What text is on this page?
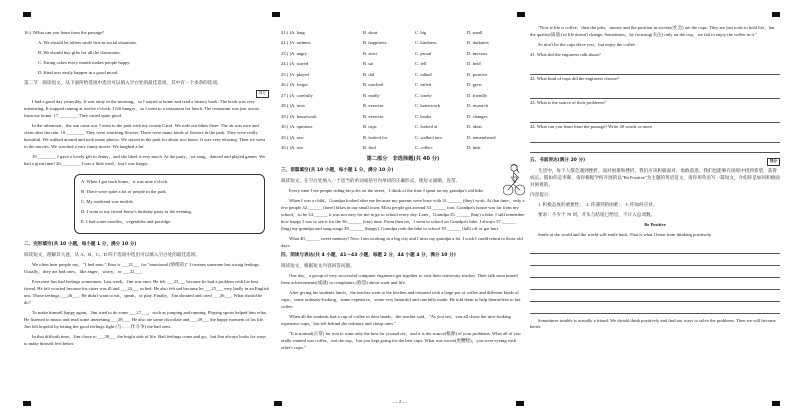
16.( )What can you learn from the passage?

A. We should let others smile first in social situations.

B. We should buy gifts for all the classmates.

C. Eating cakes every month makes people happy.

D. Kind acts easily happen in a good mood.

第二节　阅读短文，从下面所给选项中选出可以填入空白处的最佳选项，其中有一个多余的选项。

得分

I had a good day yesterday. It was rainy in the morning，so I stayed at home and read a history book. The book was very interesting. It stopped raining at twelve o'clock. I felt hungry，so I went to a restaurant for lunch. The restaurant was just across from my home. 17.________ They tasted quite good.

In the afternoon，the sun came out. I went to the park with my cousin Carol. We rode our bikes there. The air was nice and clean after the rain. 18.________ They were watching flowers. There were many kinds of flowers in the park. They were really beautiful. We walked around and took many photos. We stayed in the park for about two hours. It was very relaxing. Then we went to the movies. We watched a very funny movie. We laughed a lot.

19.________ I gave a lovely gift to Jenny，and she liked it very much. At the party，we sang，danced and played games. We had a great time! 20.________ I was a little tired，but I was happy.

A. When I got back home，it was nine o'clock.
B. There were quite a lot of people in the park.
C. My weekend was terrible.
D. I went to my friend Jenny's birthday party in the evening.
E. I had some noodles，vegetables and porridge.
二、完形填空(共 10 小题，每小题 1 分，满分 10 分)

阅读短文，理解其大意，从 A、B、C、D 四个选项中选出可以填入空白处的最佳选项。

We often hear people say，"I feel emo." Emo is ___21___ for "emotional (情绪的)". It means someone has strong feelings. Usually，they are bad ones，like anger，worry，or ___22___.

Everyone has bad feelings sometimes. Last week，Jim was emo. He felt ___23___ because he had a problem with his best friend. He felt worried because his sister was ill and ___24___ in bed. He also felt sad because he ___25___ very badly in an English test. Those feelings ___26___. He didn't want to eat，speak，or play. Finally，Jim shouted and cried ___26___. What should he do?

To make himself happy again，Jim tried to do some ___27___，such as jumping and running. Playing sports helped him relax. He listened to music and read some interesting ___28___. He also ate some chocolate and ___29___ the happy moment of his life. Jim felt hopeful by letting the good feelings fight (与……作斗争) the bad ones.

In that difficult time，Jim chose to ___30___ the bright side of life. Bad feelings come and go，but Jim always looks for ways to make himself feel better.

21.( )A. long	B. short	C. big	D. small
22.( )A. sadness	B. happiness	C. kindness	D. darkness
23.( )A. angry	B. strict	C. proud	D. nervous
24.( )A. stayed	B. sat	C. fell	D. held
25.( )A. played	B. did	C. talked	D. positive
26.( )A. forgot	B. touched	C. sailed	D. grew
27.( )A. carefully	B. madly	C. lonely	D. friendly
28.( )A. tests	B. exercise	C. homework	D. research
29.( )A. housework	B. exercise	C. books	D. changes
30.( )A. opinions	B. trips	C. looked at	D. ideas
29.( )A. saw	B. looked for	C. walked into	D. remembered
30.( )A. rise	B. find	C. collect	D. hide
第二部分　非选择题(共 40 分)
三、语篇填空(共 10 小题，每小题 1 分，满分 10 分)

阅读短文，在空白处填入一个适当的单词或括号内单词的正确形式，使短文通顺、连贯。

Every time I see people riding bicycles on the street，I think of the time I spent on my grandpa's old bike.

When I was a child，Grandpa looked after me because my parents were busy with 31.______ (they) work. At that time，only a few people 32.______ (have) bikes in our small town. Most people got around 33.______ foot. Grandpa's house was far from my school，so he 34.______ it was not easy for me to go to school every day. Later，Grandpa 35.______ (buy) a bike. I still remember how happy I was to see it for the 36.______ (one) time. From then on，I went to school on Grandpa's bike. I always 37.______ (hug) my grandpa and sang songs 38.______ (happy). Grandpa rode the bike to school 39.______ (fall) off or got hurt.

What 40.______ sweet memory! Now I am working in a big city and I miss my grandpa a lot. I wish I could return to those old days.

四、阅读与表达(共 4 小题，41～43 小题，每题 2 分，44 小题 4 分，满分 10 分)

阅读短文，根据短文内容回答问题。

One day，a group of very successful computer engineers got together to visit their university teacher. Their talk soon turned from achievements(成就) to complaints (抱怨) about work and life.

After giving his students lunch，the teacher went to the kitchen and returned with a large pot of coffee and different kinds of cups，some ordinary-looking，some expensive，some very beautiful and carefully made. He told them to help themselves to hot coffee.

When all the students had a cup of coffee in their hands，the teacher said，"As you see，you all chose the nice-looking expensive cups，but left behind the ordinary and cheap ones."

"It is normal(正常) for you to want only the best for yourselves，and it is the source(根源) of your problems. What all of you really wanted was coffee，not the cup，but you kept going for the best cups. What was worse(更糟糕)，you were eyeing each other's cups."

"Now if life is coffee，then the jobs，money and the position in society(社会) are the cups. They are just tools to hold life，but the quality(质量) of life doesn't change. Sometimes，by focusing(关注) only on the cup，we fail to enjoy the coffee in it."

So don't let the cups drive you，but enjoy the coffee.

41. What did the engineers talk about?

42. What kind of cups did the engineers choose?

43. What is the source of their problems?

44. What can you learn from the passage? Write 20 words or more.

五、书面表达(满分 20 分)	得分

生活中，每个人都会遇到挫折。面对困难和挫折，我们应该积极面对，勇敢前进。我们也能够在困境中找到希望，获得成长。假如你是李晖，请你根据学校开展的以"Be Positive"为主题的英语征文，请你用英语写一篇短文，介绍你是如何积极面对困难的。

内容提示：

1. 积极态度的重要性；　2. 你遇到的困难；　3. 你如何应对。

要求：不少于 70 词，开头与结尾已给出，不计入总词数。

Be Positive

Smile at the world and the world will smile back. That is what I learn from thinking positively.

Sometimes trouble is actually a friend. We should think positively and find out ways to solve the problems. Then we will become better.

— 2 —
